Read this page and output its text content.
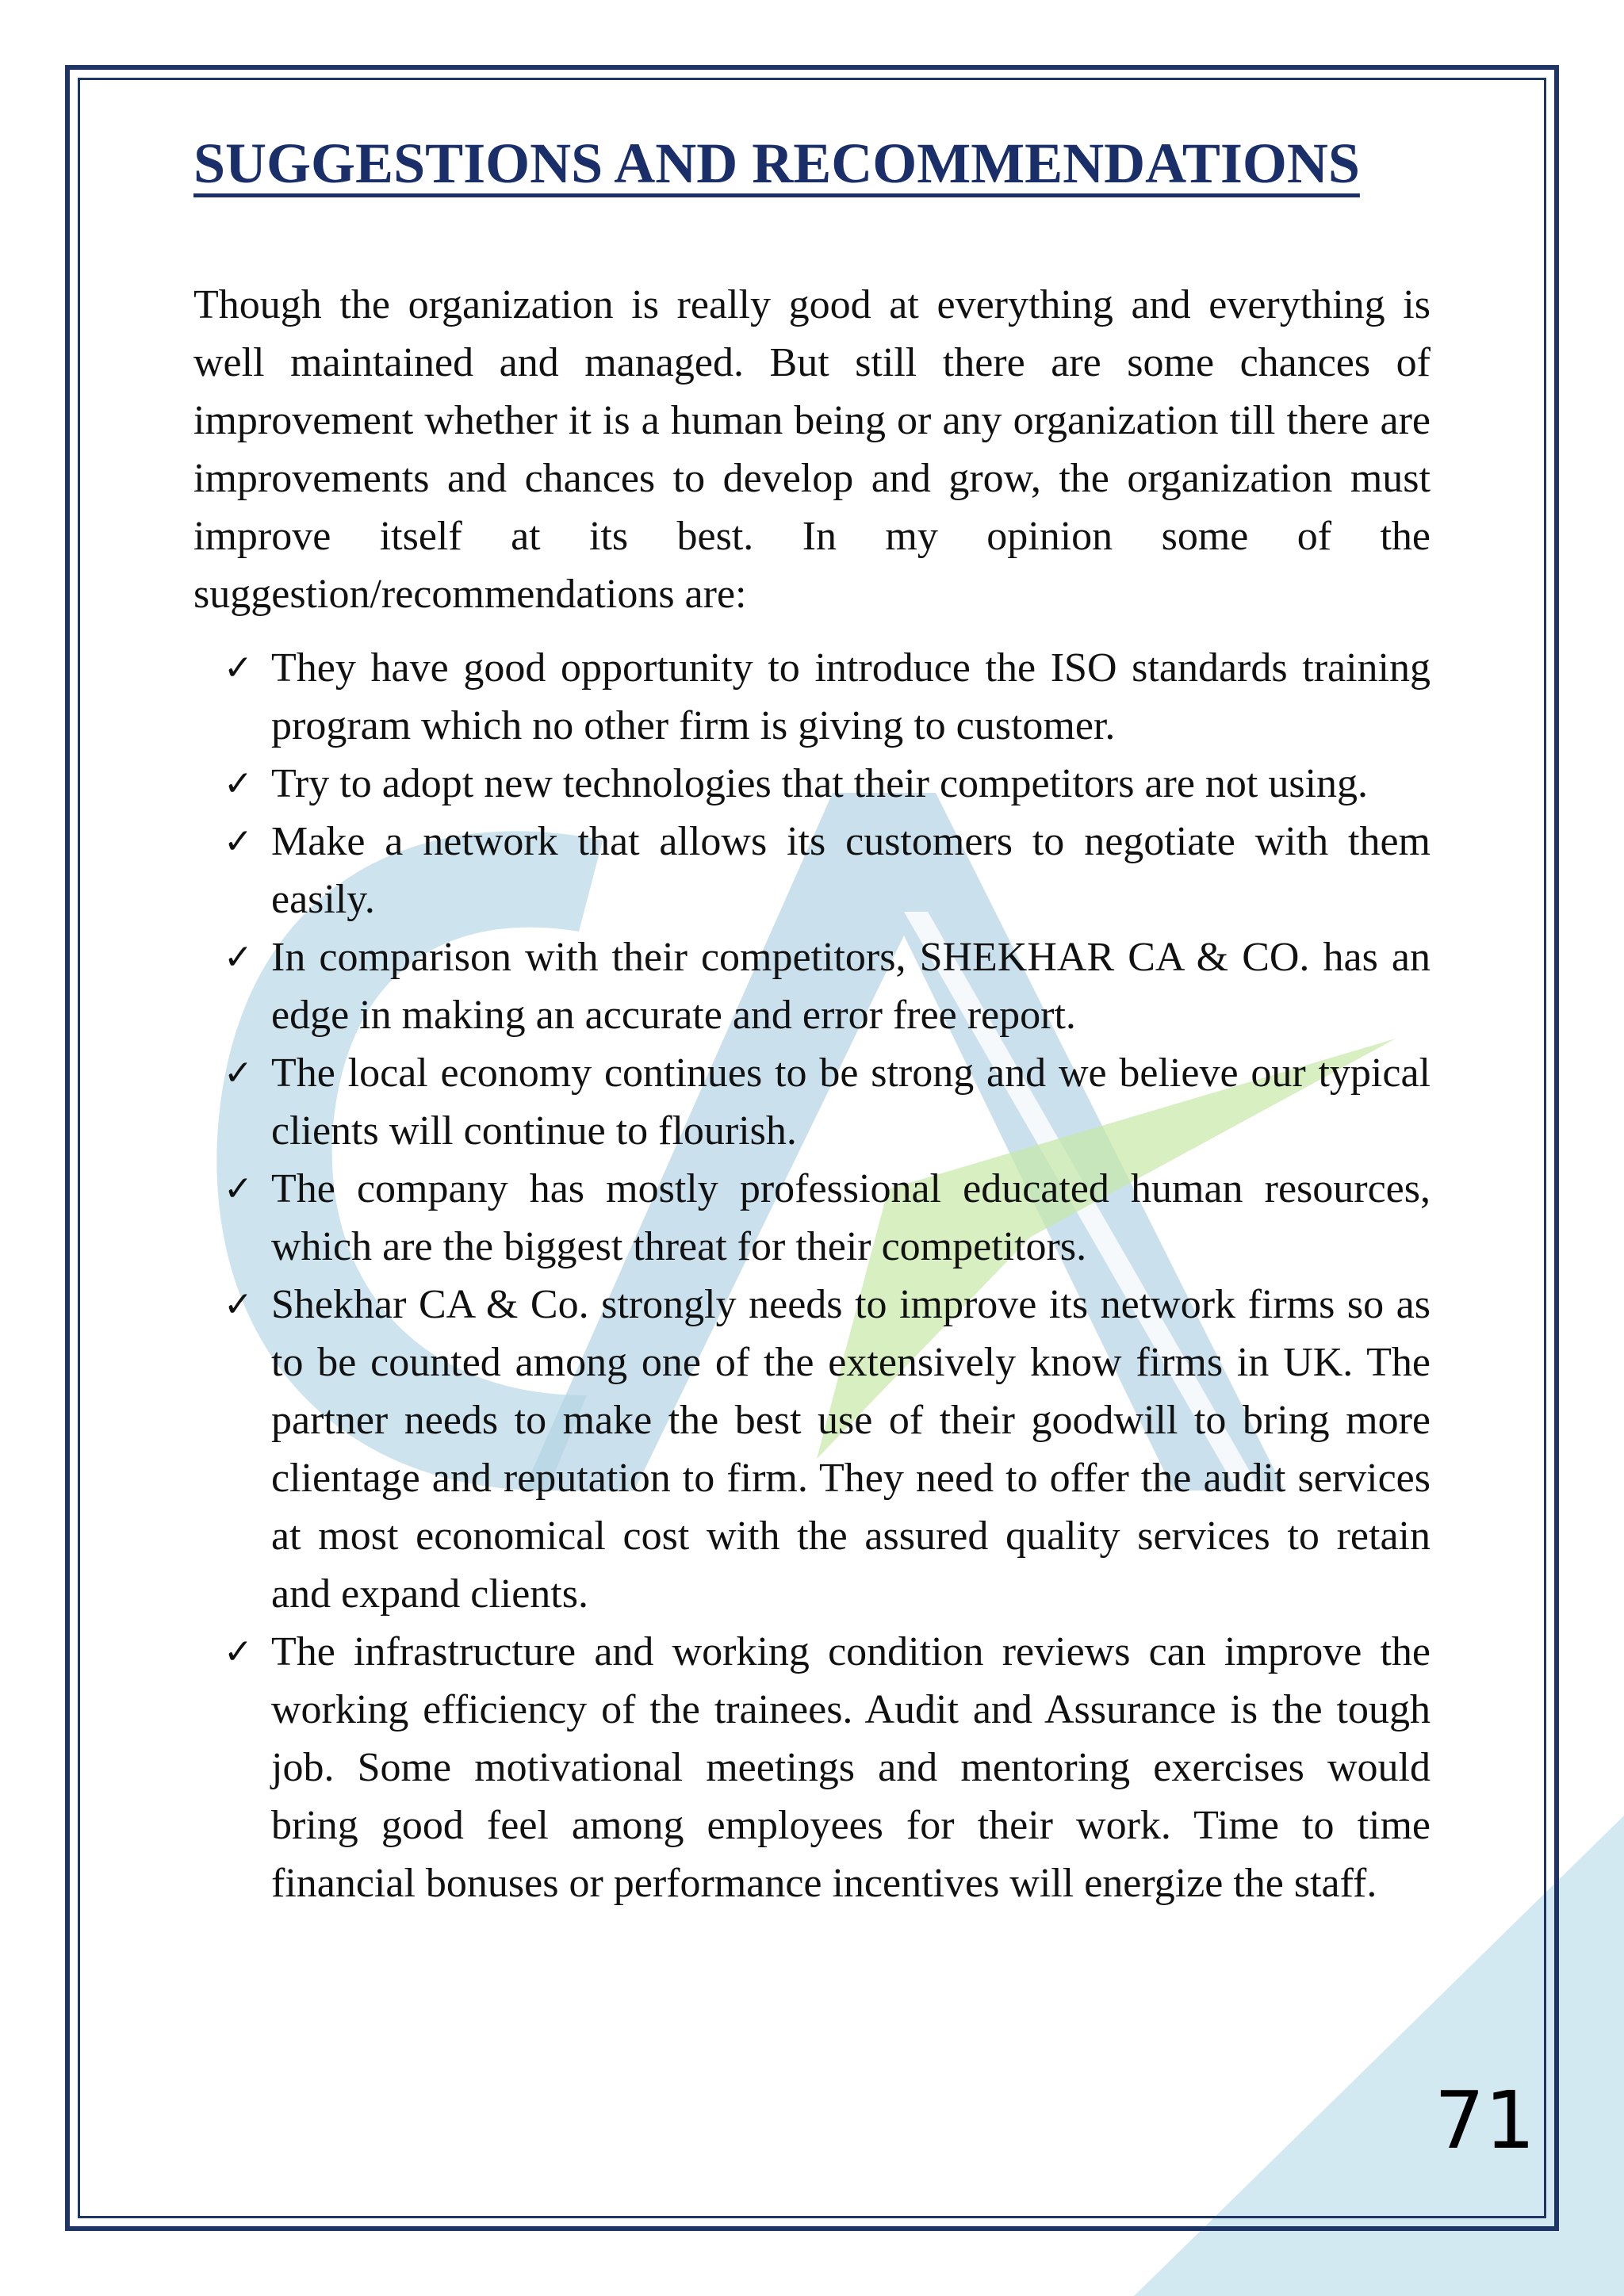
SUGGESTIONS AND RECOMMENDATIONS

Though the organization is really good at everything and everything is well maintained and managed. But still there are some chances of improvement whether it is a human being or any organization till there are improvements and chances to develop and grow, the organization must improve itself at its best. In my opinion some of the suggestion/recommendations are:

✓ They have good opportunity to introduce the ISO standards training program which no other firm is giving to customer.
✓ Try to adopt new technologies that their competitors are not using.
✓ Make a network that allows its customers to negotiate with them easily.
✓ In comparison with their competitors, SHEKHAR CA & CO. has an edge in making an accurate and error free report.
✓ The local economy continues to be strong and we believe our typical clients will continue to flourish.
✓ The company has mostly professional educated human resources, which are the biggest threat for their competitors.
✓ Shekhar CA & Co. strongly needs to improve its network firms so as to be counted among one of the extensively know firms in UK. The partner needs to make the best use of their goodwill to bring more clientage and reputation to firm. They need to offer the audit services at most economical cost with the assured quality services to retain and expand clients.
✓ The infrastructure and working condition reviews can improve the working efficiency of the trainees. Audit and Assurance is the tough job. Some motivational meetings and mentoring exercises would bring good feel among employees for their work. Time to time financial bonuses or performance incentives will energize the staff.
71
